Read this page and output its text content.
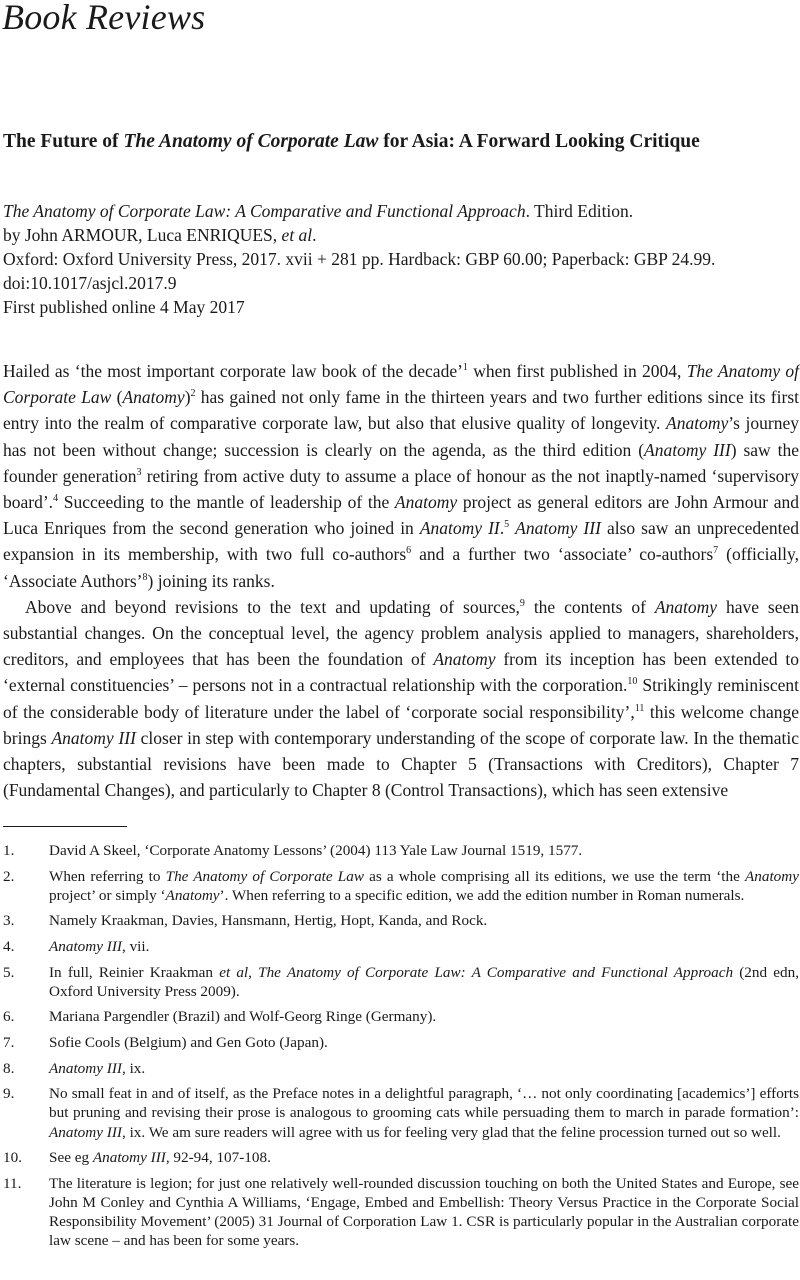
Book Reviews
The Future of The Anatomy of Corporate Law for Asia: A Forward Looking Critique
The Anatomy of Corporate Law: A Comparative and Functional Approach. Third Edition.
by John ARMOUR, Luca ENRIQUES, et al.
Oxford: Oxford University Press, 2017. xvii + 281 pp. Hardback: GBP 60.00; Paperback: GBP 24.99.
doi:10.1017/asjcl.2017.9
First published online 4 May 2017

Hailed as ‘the most important corporate law book of the decade’$^1$ when first published in 2004, The Anatomy of Corporate Law (Anatomy)$^2$ has gained not only fame in the thirteen years and two further editions since its first entry into the realm of comparative corporate law, but also that elusive quality of longevity. Anatomy’s journey has not been without change; succession is clearly on the agenda, as the third edition (Anatomy III) saw the founder generation$^3$ retiring from active duty to assume a place of honour as the not inaptly-named ‘supervisory board’.$^4$ Succeeding to the mantle of leadership of the Anatomy project as general editors are John Armour and Luca Enriques from the second generation who joined in Anatomy II.$^5$ Anatomy III also saw an unprecedented expansion in its membership, with two full co-authors$^6$ and a further two ‘associate’ co-authors$^7$ (officially, ‘Associate Authors’$^8$) joining its ranks.

Above and beyond revisions to the text and updating of sources,$^9$ the contents of Anatomy have seen substantial changes. On the conceptual level, the agency problem analysis applied to managers, shareholders, creditors, and employees that has been the foundation of Anatomy from its inception has been extended to ‘external constituencies’ – persons not in a contractual relationship with the corporation.$^{10}$ Strikingly reminiscent of the considerable body of literature under the label of ‘corporate social responsibility’,$^{11}$ this welcome change brings Anatomy III closer in step with contemporary understanding of the scope of corporate law. In the thematic chapters, substantial revisions have been made to Chapter 5 (Transactions with Creditors), Chapter 7 (Fundamental Changes), and particularly to Chapter 8 (Control Transactions), which has seen extensive

1.	David A Skeel, ‘Corporate Anatomy Lessons’ (2004) 113 Yale Law Journal 1519, 1577.
2.	When referring to The Anatomy of Corporate Law as a whole comprising all its editions, we use the term ‘the Anatomy project’ or simply ‘Anatomy’. When referring to a specific edition, we add the edition number in Roman numerals.
3.	Namely Kraakman, Davies, Hansmann, Hertig, Hopt, Kanda, and Rock.
4.	Anatomy III, vii.
5.	In full, Reinier Kraakman et al, The Anatomy of Corporate Law: A Comparative and Functional Approach (2nd edn, Oxford University Press 2009).
6.	Mariana Pargendler (Brazil) and Wolf-Georg Ringe (Germany).
7.	Sofie Cools (Belgium) and Gen Goto (Japan).
8.	Anatomy III, ix.
9.	No small feat in and of itself, as the Preface notes in a delightful paragraph, ‘… not only coordinating [academics’] efforts but pruning and revising their prose is analogous to grooming cats while persuading them to march in parade formation’: Anatomy III, ix. We am sure readers will agree with us for feeling very glad that the feline procession turned out so well.
10.	See eg Anatomy III, 92-94, 107-108.
11.	The literature is legion; for just one relatively well-rounded discussion touching on both the United States and Europe, see John M Conley and Cynthia A Williams, ‘Engage, Embed and Embellish: Theory Versus Practice in the Corporate Social Responsibility Movement’ (2005) 31 Journal of Corporation Law 1. CSR is particularly popular in the Australian corporate law scene – and has been for some years.
